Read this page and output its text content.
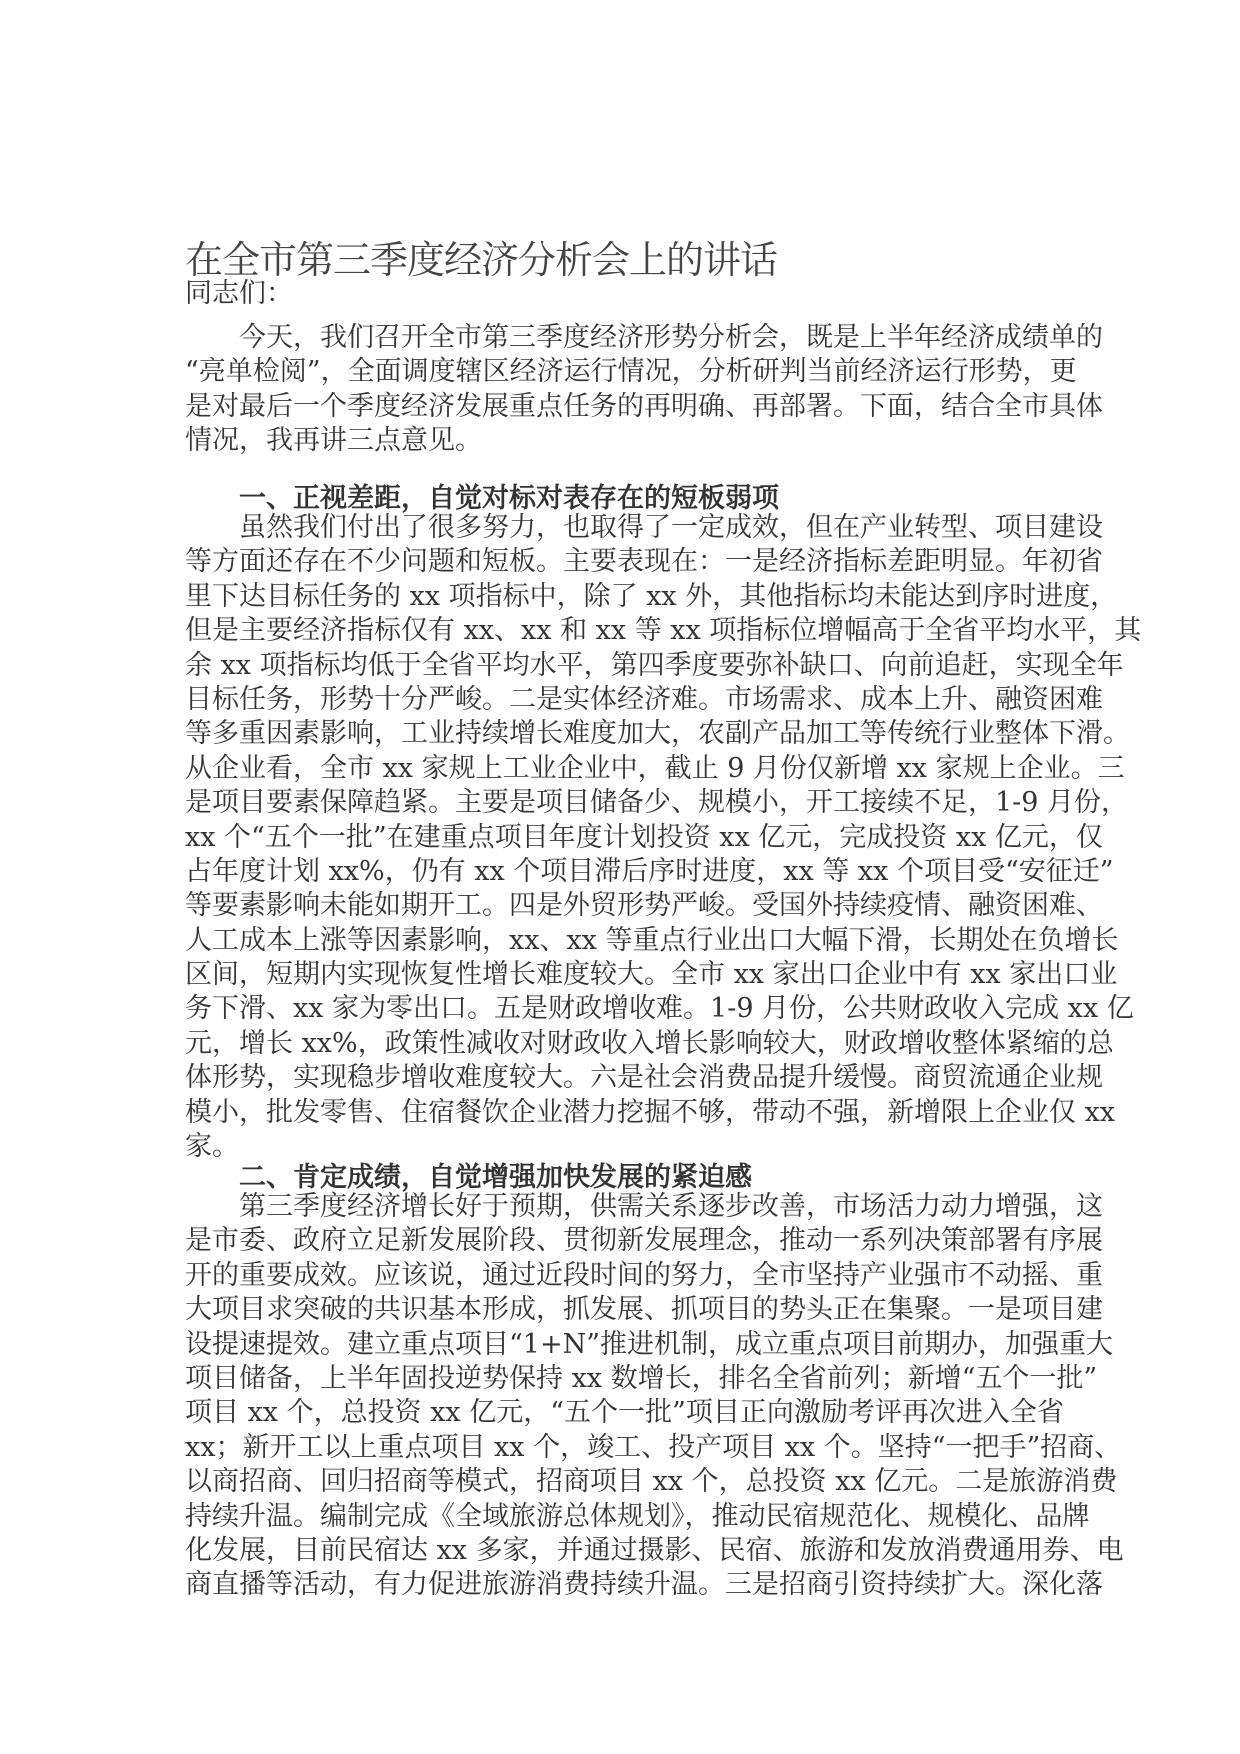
在全市第三季度经济分析会上的讲话
同志们：
今天，我们召开全市第三季度经济形势分析会，既是上半年经济成绩单的
“亮单检阅”，全面调度辖区经济运行情况，分析研判当前经济运行形势，更
是对最后一个季度经济发展重点任务的再明确、再部署。下面，结合全市具体
情况，我再讲三点意见。
一、正视差距，自觉对标对表存在的短板弱项
虽然我们付出了很多努力，也取得了一定成效，但在产业转型、项目建设
等方面还存在不少问题和短板。主要表现在：一是经济指标差距明显。年初省
里下达目标任务的 xx 项指标中，除了 xx 外，其他指标均未能达到序时进度，
但是主要经济指标仅有 xx、xx 和 xx 等 xx 项指标位增幅高于全省平均水平，其
余 xx 项指标均低于全省平均水平，第四季度要弥补缺口、向前追赶，实现全年
目标任务，形势十分严峻。二是实体经济难。市场需求、成本上升、融资困难
等多重因素影响，工业持续增长难度加大，农副产品加工等传统行业整体下滑。
从企业看，全市 xx 家规上工业企业中，截止 9 月份仅新增 xx 家规上企业。三
是项目要素保障趋紧。主要是项目储备少、规模小，开工接续不足，1-9 月份，
xx 个“五个一批”在建重点项目年度计划投资 xx 亿元，完成投资 xx 亿元，仅
占年度计划 xx%，仍有 xx 个项目滞后序时进度，xx 等 xx 个项目受“安征迁”
等要素影响未能如期开工。四是外贸形势严峻。受国外持续疫情、融资困难、
人工成本上涨等因素影响，xx、xx 等重点行业出口大幅下滑，长期处在负增长
区间，短期内实现恢复性增长难度较大。全市 xx 家出口企业中有 xx 家出口业
务下滑、xx 家为零出口。五是财政增收难。1-9 月份，公共财政收入完成 xx 亿
元，增长 xx%，政策性减收对财政收入增长影响较大，财政增收整体紧缩的总
体形势，实现稳步增收难度较大。六是社会消费品提升缓慢。商贸流通企业规
模小，批发零售、住宿餐饮企业潜力挖掘不够，带动不强，新增限上企业仅 xx
家。
二、肯定成绩，自觉增强加快发展的紧迫感
第三季度经济增长好于预期，供需关系逐步改善，市场活力动力增强，这
是市委、政府立足新发展阶段、贯彻新发展理念，推动一系列决策部署有序展
开的重要成效。应该说，通过近段时间的努力，全市坚持产业强市不动摇、重
大项目求突破的共识基本形成，抓发展、抓项目的势头正在集聚。一是项目建
设提速提效。建立重点项目“1+N”推进机制，成立重点项目前期办，加强重大
项目储备，上半年固投逆势保持 xx 数增长，排名全省前列；新增“五个一批”
项目 xx 个，总投资 xx 亿元，“五个一批”项目正向激励考评再次进入全省
xx；新开工以上重点项目 xx 个，竣工、投产项目 xx 个。坚持“一把手”招商、
以商招商、回归招商等模式，招商项目 xx 个，总投资 xx 亿元。二是旅游消费
持续升温。编制完成《全域旅游总体规划》，推动民宿规范化、规模化、品牌
化发展，目前民宿达 xx 多家，并通过摄影、民宿、旅游和发放消费通用券、电
商直播等活动，有力促进旅游消费持续升温。三是招商引资持续扩大。深化落
